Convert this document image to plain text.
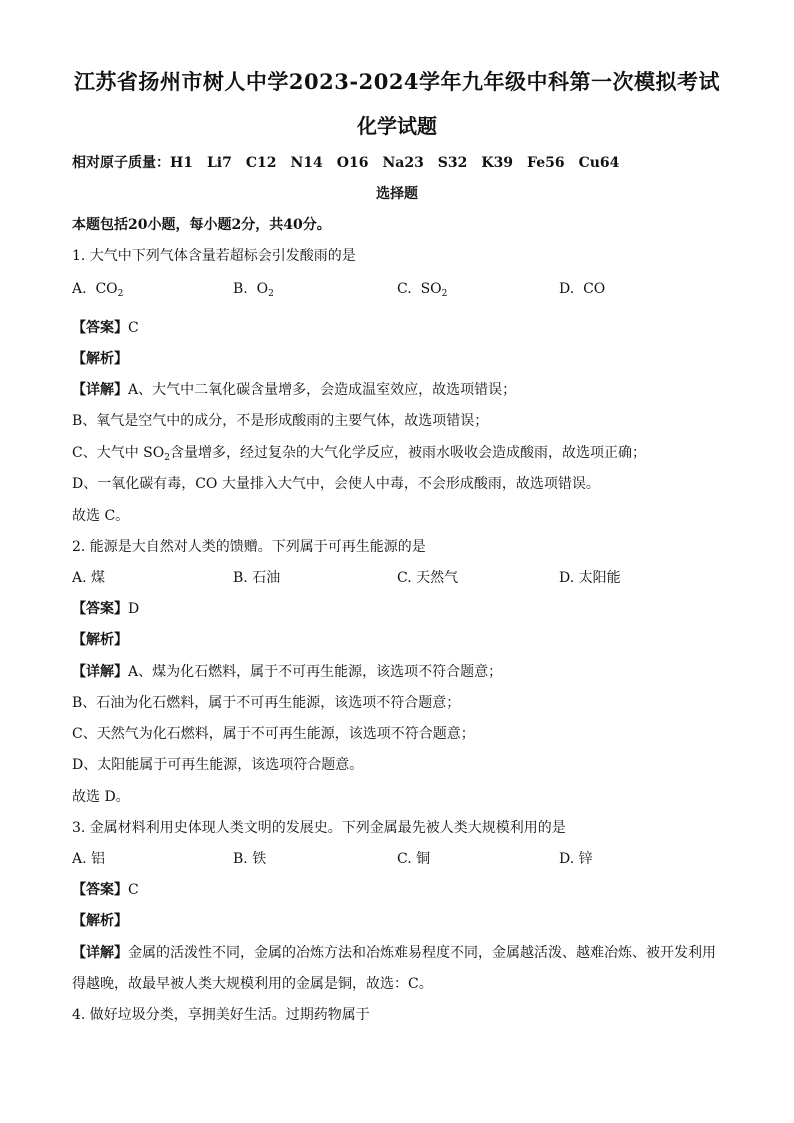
江苏省扬州市树人中学2023-2024学年九年级中科第一次模拟考试
化学试题
相对原子质量：H1　Li7　C12　N14　O16　Na23　S32　K39　Fe56　Cu64
选择题
本题包括20小题，每小题2分，共40分。
1. 大气中下列气体含量若超标会引发酸雨的是
A. $CO_2$	B. $O_2$	C. $SO_2$	D. CO
【答案】C
【解析】
【详解】A、大气中二氧化碳含量增多，会造成温室效应，故选项错误；
B、氧气是空气中的成分，不是形成酸雨的主要气体，故选项错误；
C、大气中 $SO_2$含量增多，经过复杂的大气化学反应，被雨水吸收会造成酸雨，故选项正确；
D、一氧化碳有毒，CO 大量排入大气中，会使人中毒，不会形成酸雨，故选项错误。
故选 C。
2. 能源是大自然对人类的馈赠。下列属于可再生能源的是
A. 煤	B. 石油	C. 天然气	D. 太阳能
【答案】D
【解析】
【详解】A、煤为化石燃料，属于不可再生能源，该选项不符合题意；
B、石油为化石燃料，属于不可再生能源，该选项不符合题意；
C、天然气为化石燃料，属于不可再生能源，该选项不符合题意；
D、太阳能属于可再生能源，该选项符合题意。
故选 D。
3. 金属材料利用史体现人类文明的发展史。下列金属最先被人类大规模利用的是
A. 铝	B. 铁	C. 铜	D. 锌
【答案】C
【解析】
【详解】金属的活泼性不同，金属的冶炼方法和冶炼难易程度不同，金属越活泼、越难冶炼、被开发利用
得越晚，故最早被人类大规模利用的金属是铜，故选：C。
4. 做好垃圾分类，享拥美好生活。过期药物属于
